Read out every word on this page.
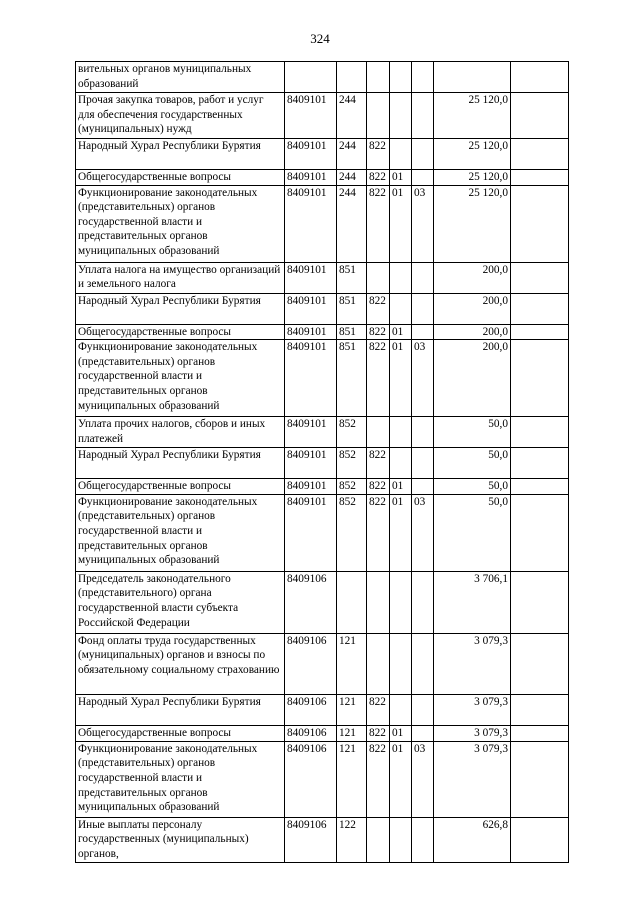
324
вительных органов муниципальных образований							
Прочая закупка товаров, работ и услуг для обеспечения государственных (муниципальных) нужд	8409101	244				25 120,0	
Народный Хурал Республики Бурятия	8409101	244	822			25 120,0	
Общегосударственные вопросы	8409101	244	822	01		25 120,0	
Функционирование законодательных (представительных) органов государственной власти и представительных органов муниципальных образований	8409101	244	822	01	03	25 120,0	
Уплата налога на имущество организаций и земельного налога	8409101	851				200,0	
Народный Хурал Республики Бурятия	8409101	851	822			200,0	
Общегосударственные вопросы	8409101	851	822	01		200,0	
Функционирование законодательных (представительных) органов государственной власти и представительных органов муниципальных образований	8409101	851	822	01	03	200,0	
Уплата прочих налогов, сборов и иных платежей	8409101	852				50,0	
Народный Хурал Республики Бурятия	8409101	852	822			50,0	
Общегосударственные вопросы	8409101	852	822	01		50,0	
Функционирование законодательных (представительных) органов государственной власти и представительных органов муниципальных образований	8409101	852	822	01	03	50,0	
Председатель законодательного (представительного) органа государственной власти субъекта Российской Федерации	8409106					3 706,1	
Фонд оплаты труда государственных (муниципальных) органов и взносы по обязательному социальному страхованию	8409106	121				3 079,3	
Народный Хурал Республики Бурятия	8409106	121	822			3 079,3	
Общегосударственные вопросы	8409106	121	822	01		3 079,3	
Функционирование законодательных (представительных) органов государственной власти и представительных органов муниципальных образований	8409106	121	822	01	03	3 079,3	
Иные выплаты персоналу государственных (муниципальных) органов,	8409106	122				626,8	
